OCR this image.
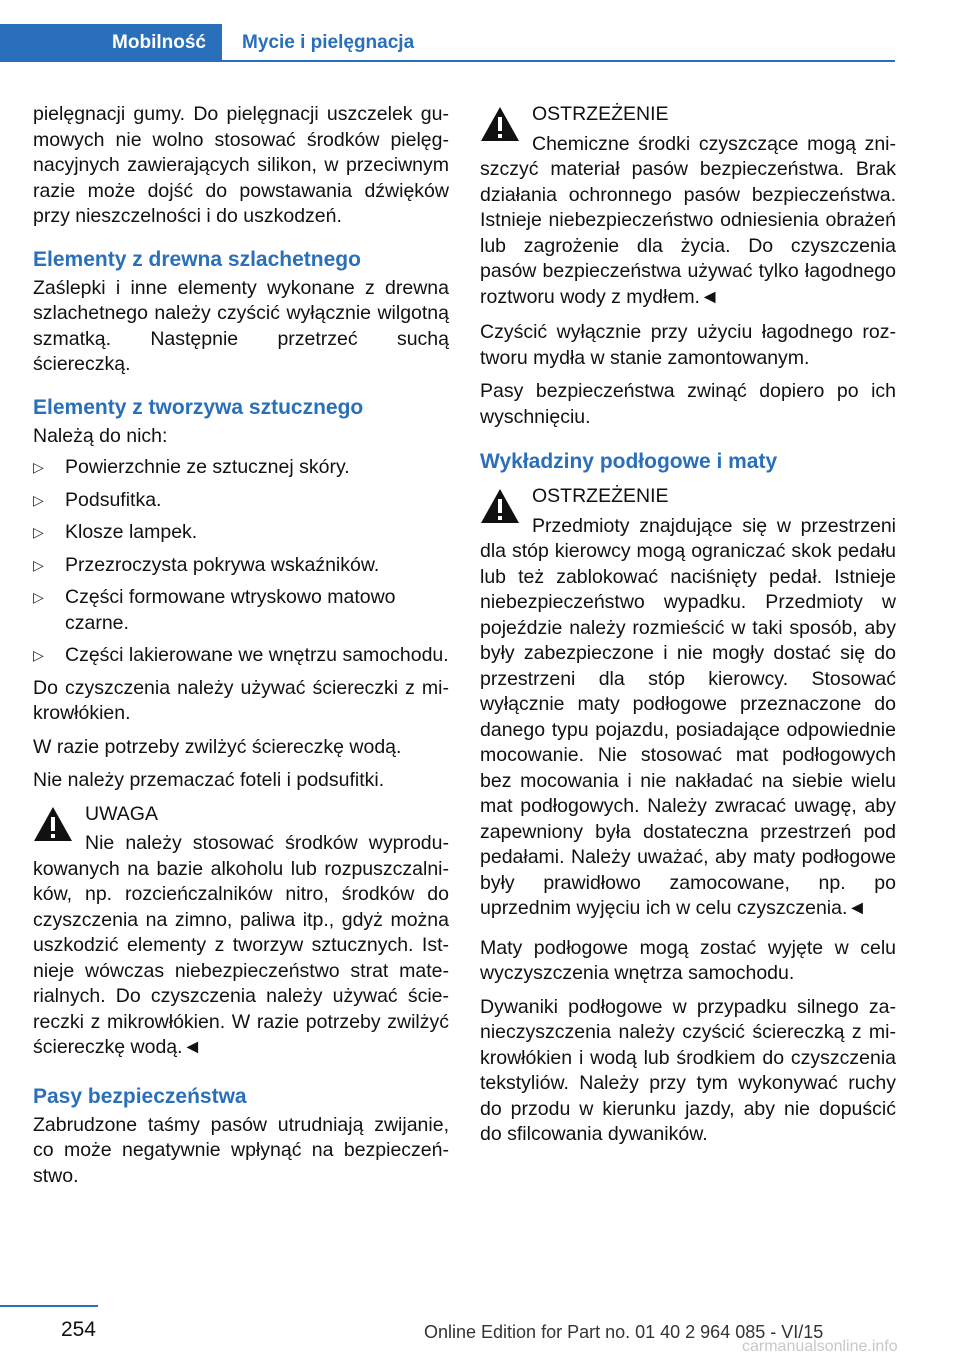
Mobilność	Mycie i pielęgnacja

pielęgnacji gumy. Do pielęgnacji uszczelek gumowych nie wolno stosować środków pielęgnacyjnych zawierających silikon, w przeciwnym razie może dojść do powstawania dźwięków przy nieszczelności i do uszkodzeń.

Elementy z drewna szlachetnego

Zaślepki i inne elementy wykonane z drewna szlachetnego należy czyścić wyłącznie wilgotną szmatką. Następnie przetrzeć suchą ściereczką.

Elementy z tworzywa sztucznego

Należą do nich:

▷ Powierzchnie ze sztucznej skóry.
▷ Podsufitka.
▷ Klosze lampek.
▷ Przezroczysta pokrywa wskaźników.
▷ Części formowane wtryskowo matowo czarne.
▷ Części lakierowane we wnętrzu samochodu.

Do czyszczenia należy używać ściereczki z mikrowłókien.

W razie potrzeby zwilżyć ściereczkę wodą.

Nie należy przemaczać foteli i podsufitki.

UWAGA
Nie należy stosować środków wyprodukowanych na bazie alkoholu lub rozpuszczalników, np. rozcieńczalników nitro, środków do czyszczenia na zimno, paliwa itp., gdyż można uszkodzić elementy z tworzyw sztucznych. Istnieje wówczas niebezpieczeństwo strat materialnych. Do czyszczenia należy używać ściereczki z mikrowłókien. W razie potrzeby zwilżyć ściereczkę wodą.◄
Pasy bezpieczeństwa

Zabrudzone taśmy pasów utrudniają zwijanie, co może negatywnie wpłynąć na bezpieczeństwo.

OSTRZEŻENIE
Chemiczne środki czyszczące mogą zniszczyć materiał pasów bezpieczeństwa. Brak działania ochronnego pasów bezpieczeństwa. Istnieje niebezpieczeństwo odniesienia obrażeń lub zagrożenie dla życia. Do czyszczenia pasów bezpieczeństwa używać tylko łagodnego roztworu wody z mydłem.◄

Czyścić wyłącznie przy użyciu łagodnego roztworu mydła w stanie zamontowanym.

Pasy bezpieczeństwa zwinąć dopiero po ich wyschnięciu.

Wykładziny podłogowe i maty
OSTRZEŻENIE
Przedmioty znajdujące się w przestrzeni dla stóp kierowcy mogą ograniczać skok pedału lub też zablokować naciśnięty pedał. Istnieje niebezpieczeństwo wypadku. Przedmioty w pojeździe należy rozmieścić w taki sposób, aby były zabezpieczone i nie mogły dostać się do przestrzeni dla stóp kierowcy. Stosować wyłącznie maty podłogowe przeznaczone do danego typu pojazdu, posiadające odpowiednie mocowanie. Nie stosować mat podłogowych bez mocowania i nie nakładać na siebie wielu mat podłogowych. Należy zwracać uwagę, aby zapewniony była dostateczna przestrzeń pod pedałami. Należy uważać, aby maty podłogowe były prawidłowo zamocowane, np. po uprzednim wyjęciu ich w celu czyszczenia.◄

Maty podłogowe mogą zostać wyjęte w celu wyczyszczenia wnętrza samochodu.

Dywaniki podłogowe w przypadku silnego zanieczyszczenia należy czyścić ściereczką z mikrowłókien i wodą lub środkiem do czyszczenia tekstyliów. Należy przy tym wykonywać ruchy do przodu w kierunku jazdy, aby nie dopuścić do sfilcowania dywaników.

254	Online Edition for Part no. 01 40 2 964 085 - VI/15
carmanualsonline.info
